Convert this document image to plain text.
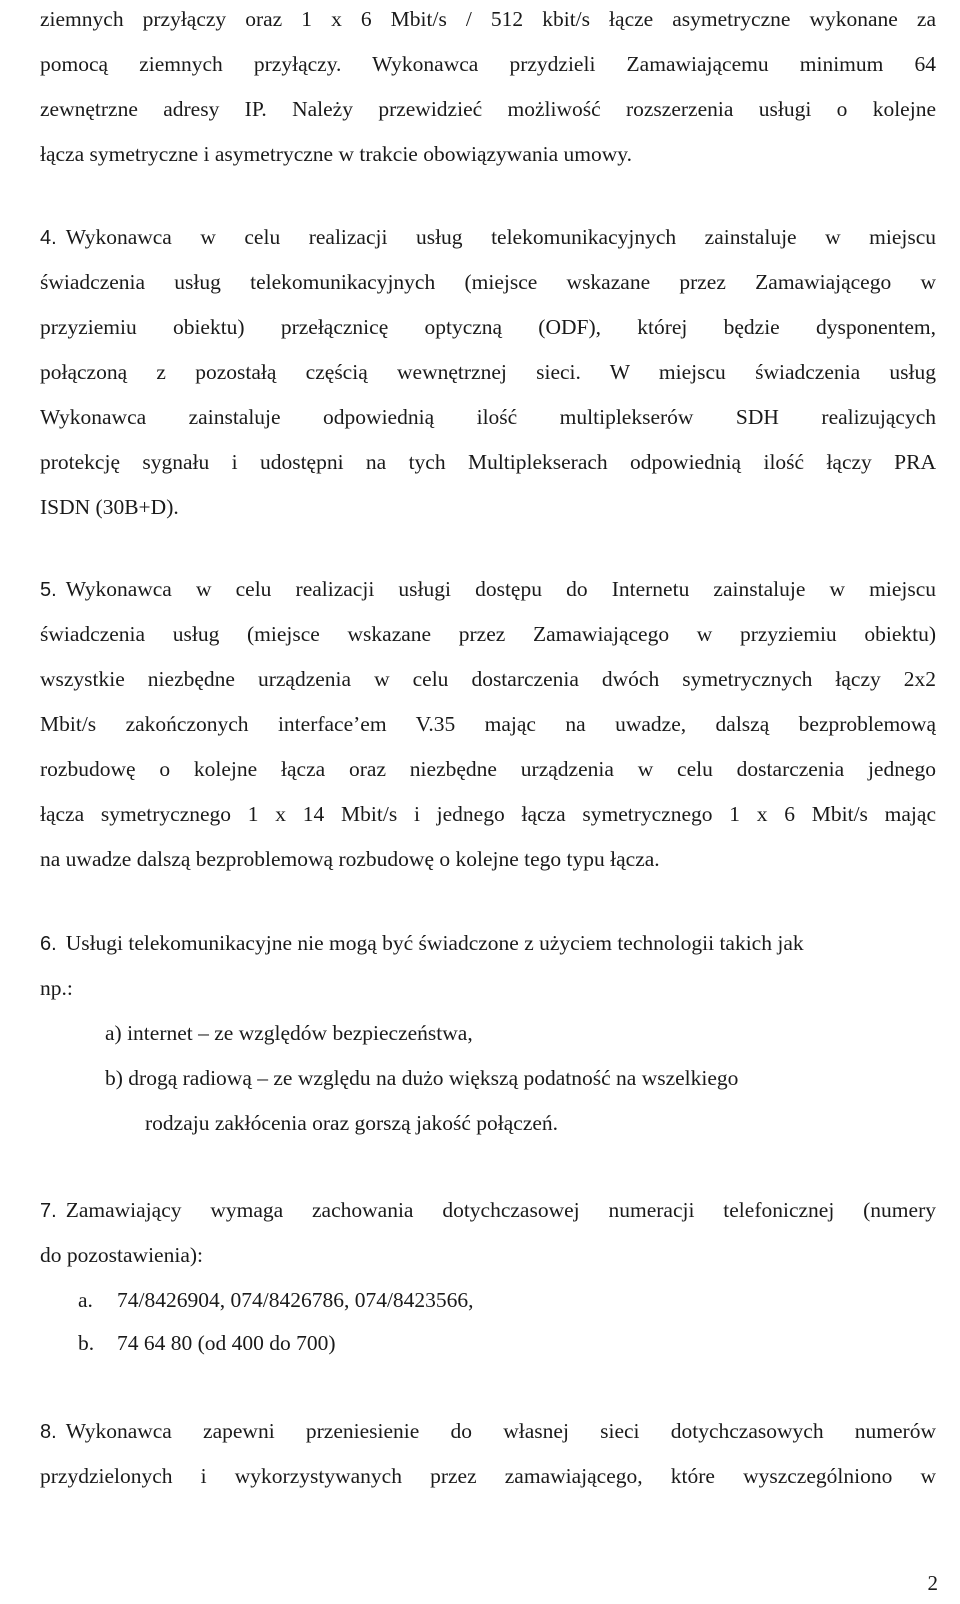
ziemnych przyłączy oraz 1 x 6 Mbit/s / 512 kbit/s łącze asymetryczne wykonane za
pomocą ziemnych przyłączy. Wykonawca przydzieli Zamawiającemu minimum 64
zewnętrzne adresy IP. Należy przewidzieć możliwość rozszerzenia usługi o kolejne
łącza symetryczne i asymetryczne w trakcie obowiązywania umowy.
4. Wykonawca w celu realizacji usług telekomunikacyjnych zainstaluje w miejscu
świadczenia usług telekomunikacyjnych (miejsce wskazane przez Zamawiającego w
przyziemiu obiektu) przełącznicę optyczną (ODF), której będzie dysponentem,
połączoną z pozostałą częścią wewnętrznej sieci. W miejscu świadczenia usług
Wykonawca zainstaluje odpowiednią ilość multiplekserów SDH realizujących
protekcję sygnału i udostępni na tych Multiplekserach odpowiednią ilość łączy PRA
ISDN (30B+D).
5. Wykonawca w celu realizacji usługi dostępu do Internetu zainstaluje w miejscu
świadczenia usług (miejsce wskazane przez Zamawiającego w przyziemiu obiektu)
wszystkie niezbędne urządzenia w celu dostarczenia dwóch symetrycznych łączy 2x2
Mbit/s zakończonych interface’em V.35 mając na uwadze, dalszą bezproblemową
rozbudowę o kolejne łącza oraz niezbędne urządzenia w celu dostarczenia jednego
łącza symetrycznego 1 x 14 Mbit/s i jednego łącza symetrycznego 1 x 6 Mbit/s mając
na uwadze dalszą bezproblemową rozbudowę o kolejne tego typu łącza.
6. Usługi telekomunikacyjne nie mogą być świadczone z użyciem technologii takich jak
np.:
a) internet – ze względów bezpieczeństwa,
b) drogą radiową – ze względu na dużo większą podatność na wszelkiego
rodzaju zakłócenia oraz gorszą jakość połączeń.
7. Zamawiający wymaga zachowania dotychczasowej numeracji telefonicznej (numery
do pozostawienia):
a. 74/8426904, 074/8426786, 074/8423566,
b. 74 64 80 (od 400 do 700)
8. Wykonawca zapewni przeniesienie do własnej sieci dotychczasowych numerów
przydzielonych i wykorzystywanych przez zamawiającego, które wyszczególniono w
2
